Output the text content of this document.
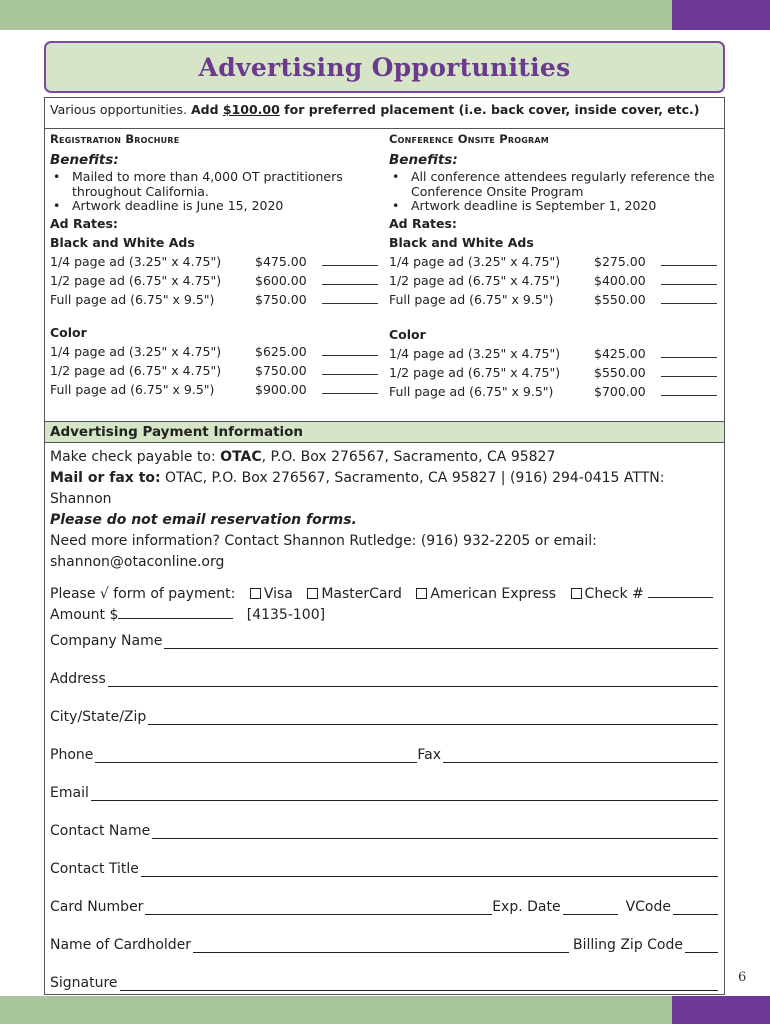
Advertising Opportunities
Various opportunities. Add $100.00 for preferred placement (i.e. back cover, inside cover, etc.)
Registration Brochure
Benefits:
• Mailed to more than 4,000 OT practitioners throughout California.
• Artwork deadline is June 15, 2020
Ad Rates:
Black and White Ads
1/4 page ad (3.25" x 4.75")	$475.00
1/2 page ad (6.75" x 4.75")	$600.00
Full page ad (6.75" x 9.5")	$750.00
Color
1/4 page ad (3.25" x 4.75")	$625.00
1/2 page ad (6.75" x 4.75")	$750.00
Full page ad (6.75" x 9.5")	$900.00
Conference Onsite Program
Benefits:
• All conference attendees regularly reference the Conference Onsite Program
• Artwork deadline is September 1, 2020
Ad Rates:
Black and White Ads
1/4 page ad (3.25" x 4.75")	$275.00
1/2 page ad (6.75" x 4.75")	$400.00
Full page ad (6.75" x 9.5")	$550.00
Color
1/4 page ad (3.25" x 4.75")	$425.00
1/2 page ad (6.75" x 4.75")	$550.00
Full page ad (6.75" x 9.5")	$700.00
Advertising Payment Information
Make check payable to: OTAC, P.O. Box 276567, Sacramento, CA 95827
Mail or fax to: OTAC, P.O. Box 276567, Sacramento, CA 95827 | (916) 294-0415 ATTN: Shannon
Please do not email reservation forms.
Need more information? Contact Shannon Rutledge: (916) 932-2205 or email:
shannon@otaconline.org
Please √ form of payment: Visa MasterCard American Express Check #
Amount $	[4135-100]
Company Name
Address
City/State/Zip
Phone	Fax
Email
Contact Name
Contact Title
Card Number	Exp. Date	VCode
Name of Cardholder	Billing Zip Code
Signature	6
